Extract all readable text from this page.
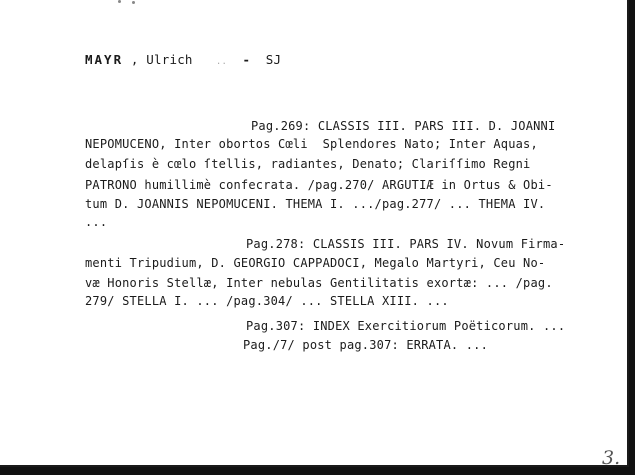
MAYR , Ulrich	.. - SJ
Pag.269: CLASSIS III. PARS III. D. JOANNI
NEPOMUCENO, Inter obortos Cœli  Splendores Nato; Inter Aquas,
delapſis è cœlo ſtellis, radiantes, Denato; Clariſſimo Regni
PATRONO humillimè confecrata. /pag.270/ ARGUTIÆ in Ortus & Obi-
tum D. JOANNIS NEPOMUCENI. THEMA I. .../pag.277/ ... THEMA IV.
...
Pag.278: CLASSIS III. PARS IV. Novum Firma-
menti Tripudium, D. GEORGIO CAPPADOCI, Megalo Martyri, Ceu No-
væ Honoris Stellæ, Inter nebulas Gentilitatis exortæ: ... /pag.
279/ STELLA I. ... /pag.304/ ... STELLA XIII. ...
Pag.307: INDEX Exercitiorum Poëticorum. ...
Pag./7/ post pag.307: ERRATA. ...
3.
